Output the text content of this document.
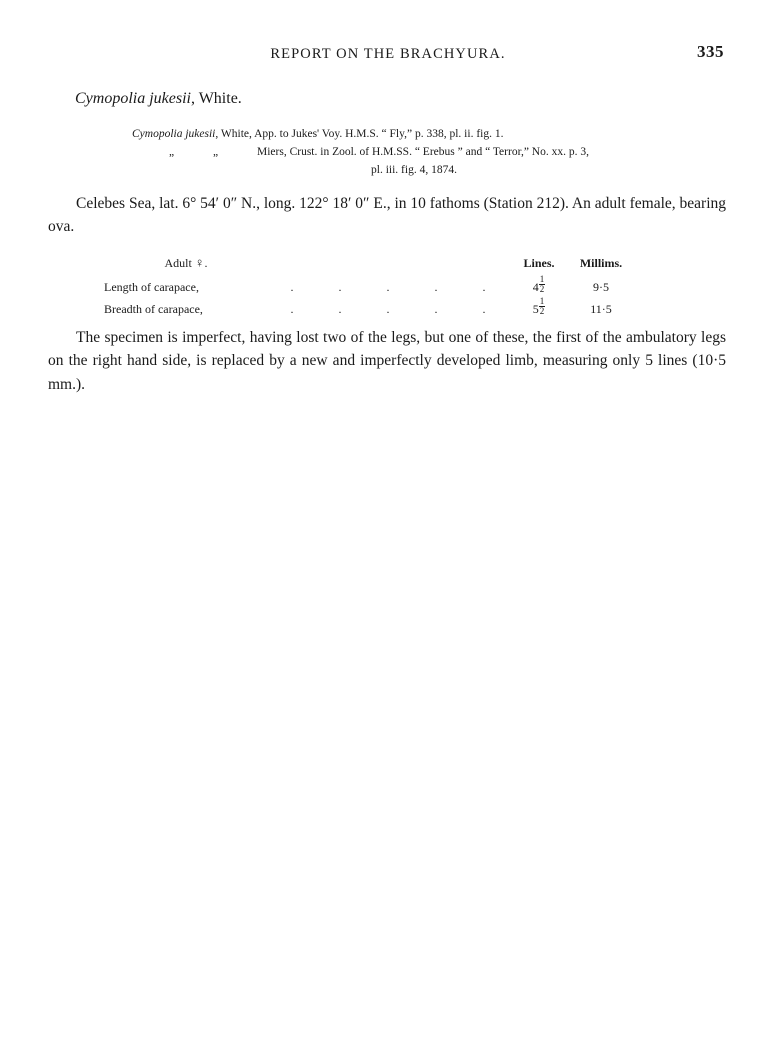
REPORT ON THE BRACHYURA.	335
Cymopolia jukesii, White.
Cymopolia jukesii, White, App. to Jukes' Voy. H.M.S. “ Fly,” p. 338, pl. ii. fig. 1.
„	„	Miers, Crust. in Zool. of H.M.SS. “ Erebus ” and “ Terror,” No. xx. p. 3,
pl. iii. fig. 4, 1874.
Celebes Sea, lat. 6° 54′ 0″ N., long. 122° 18′ 0″ E., in 10 fathoms (Station 212). An adult female, bearing ova.
Adult ♀.						Lines.	Millims.
Length of carapace,	.	.	.	.	.	$4 \frac{1}{2}$	9·5
Breadth of carapace,	.	.	.	.	.	$5 \frac{1}{2}$	11·5
The specimen is imperfect, having lost two of the legs, but one of these, the first of the ambulatory legs on the right hand side, is replaced by a new and imperfectly developed limb, measuring only 5 lines (10·5 mm.).
